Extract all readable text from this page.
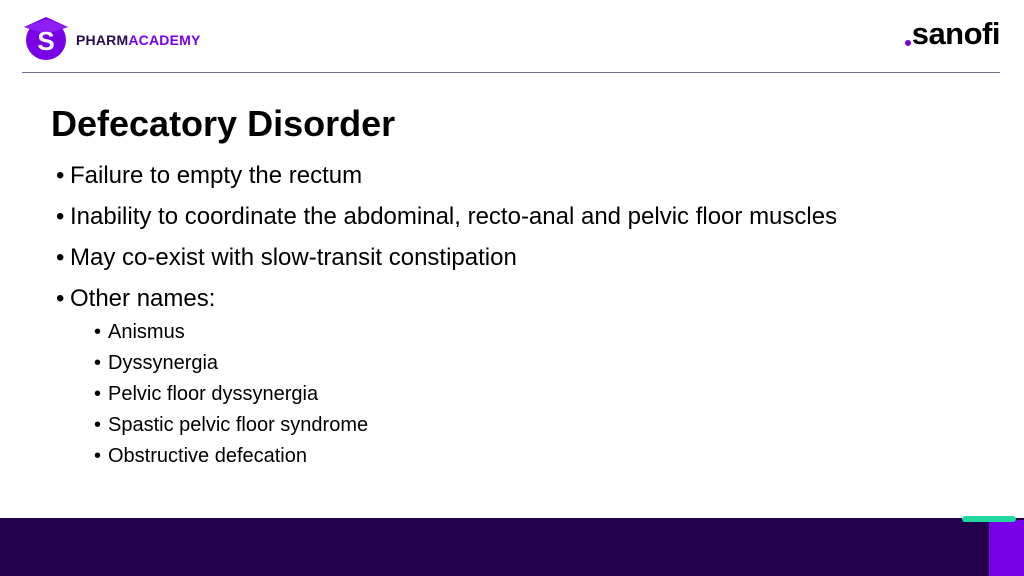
S PHARMACADEMY	sanofi
Defecatory Disorder
• Failure to empty the rectum
• Inability to coordinate the abdominal, recto-anal and pelvic floor muscles
• May co-exist with slow-transit constipation
• Other names:
• Anismus
• Dyssynergia
• Pelvic floor dyssynergia
• Spastic pelvic floor syndrome
• Obstructive defecation
